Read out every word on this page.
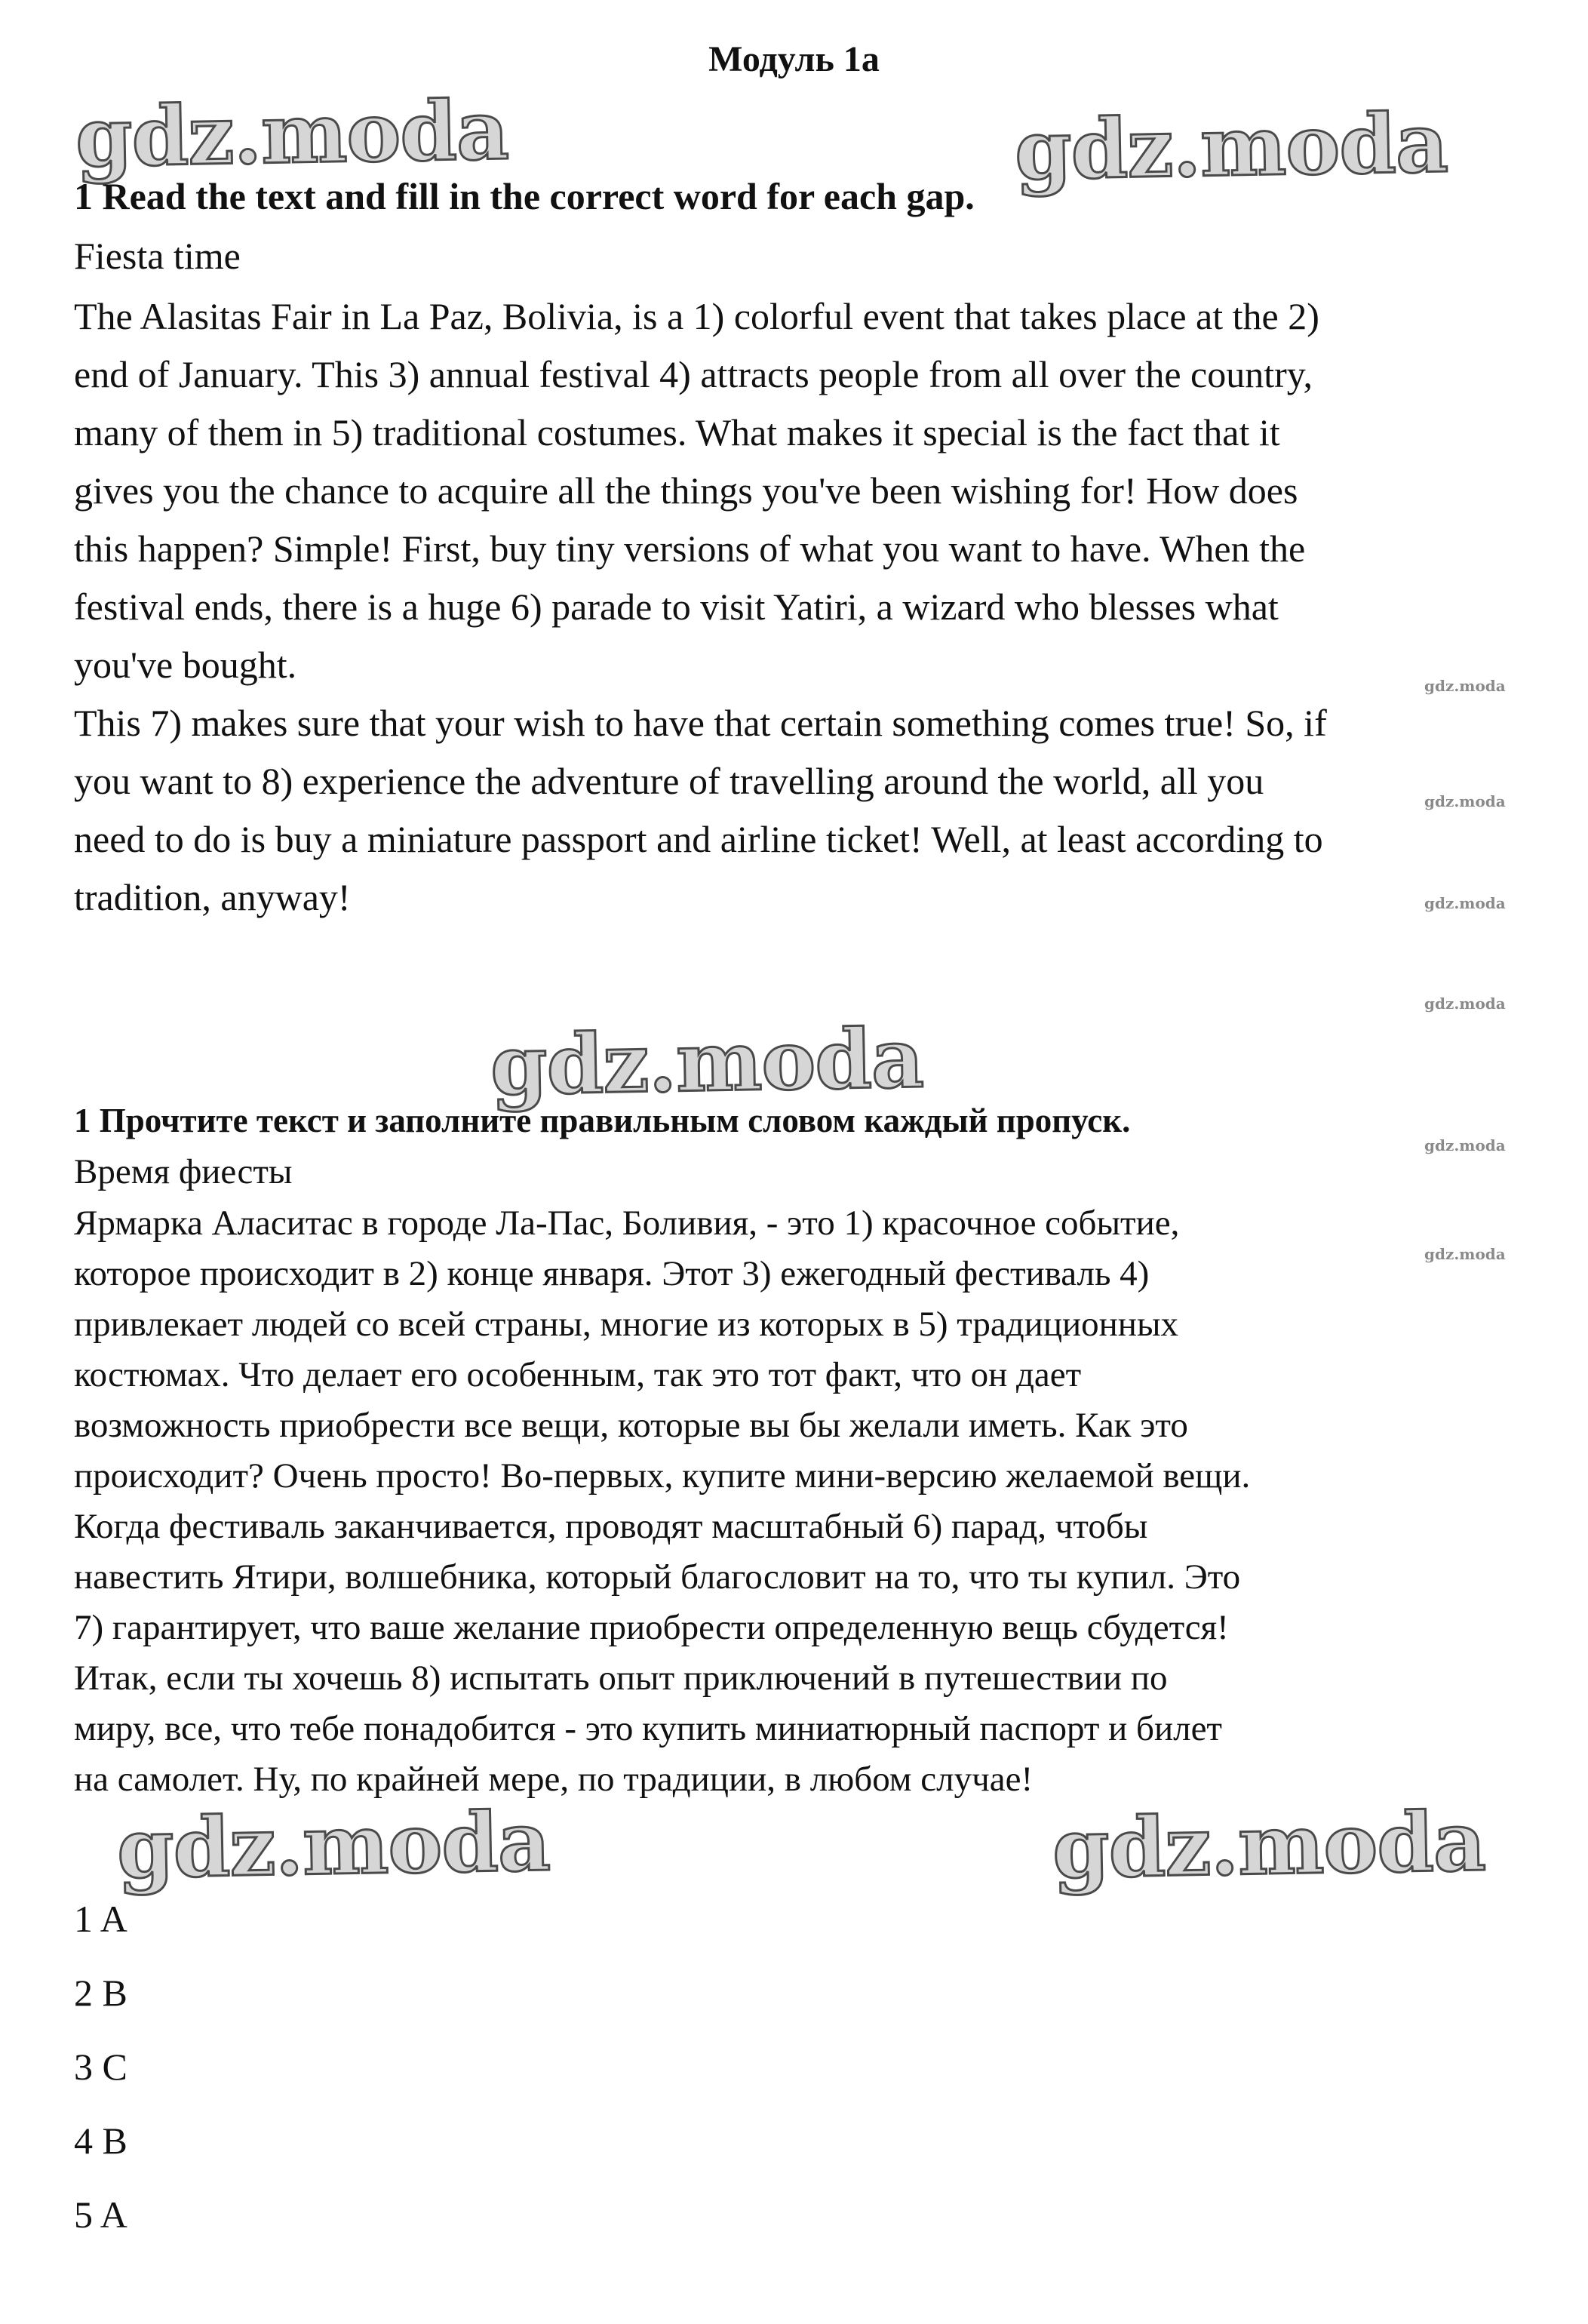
Модуль 1а
gdz.moda	gdz.moda
gdz.moda
gdz.moda	gdz.moda
gdz.moda
gdz.moda
gdz.moda
gdz.moda
gdz.moda
gdz.moda
1 Read the text and fill in the correct word for each gap.

Fiesta time

The Alasitas Fair in La Paz, Bolivia, is a 1) colorful event that takes place at the 2)
end of January. This 3) annual festival 4) attracts people from all over the country,
many of them in 5) traditional costumes. What makes it special is the fact that it
gives you the chance to acquire all the things you've been wishing for! How does
this happen? Simple! First, buy tiny versions of what you want to have. When the
festival ends, there is a huge 6) parade to visit Yatiri, a wizard who blesses what
you've bought.
This 7) makes sure that your wish to have that certain something comes true! So, if
you want to 8) experience the adventure of travelling around the world, all you
need to do is buy a miniature passport and airline ticket! Well, at least according to
tradition, anyway!

1 Прочтите текст и заполните правильным словом каждый пропуск.

Время фиесты

Ярмарка Аласитас в городе Ла-Пас, Боливия, - это 1) красочное событие,
которое происходит в 2) конце января. Этот 3) ежегодный фестиваль 4)
привлекает людей со всей страны, многие из которых в 5) традиционных
костюмах. Что делает его особенным, так это тот факт, что он дает
возможность приобрести все вещи, которые вы бы желали иметь. Как это
происходит? Очень просто! Во-первых, купите мини-версию желаемой вещи.
Когда фестиваль заканчивается, проводят масштабный 6) парад, чтобы
навестить Ятири, волшебника, который благословит на то, что ты купил. Это
7) гарантирует, что ваше желание приобрести определенную вещь сбудется!
Итак, если ты хочешь 8) испытать опыт приключений в путешествии по
миру, все, что тебе понадобится - это купить миниатюрный паспорт и билет
на самолет. Ну, по крайней мере, по традиции, в любом случае!

1 A
2 B
3 C
4 B
5 A
